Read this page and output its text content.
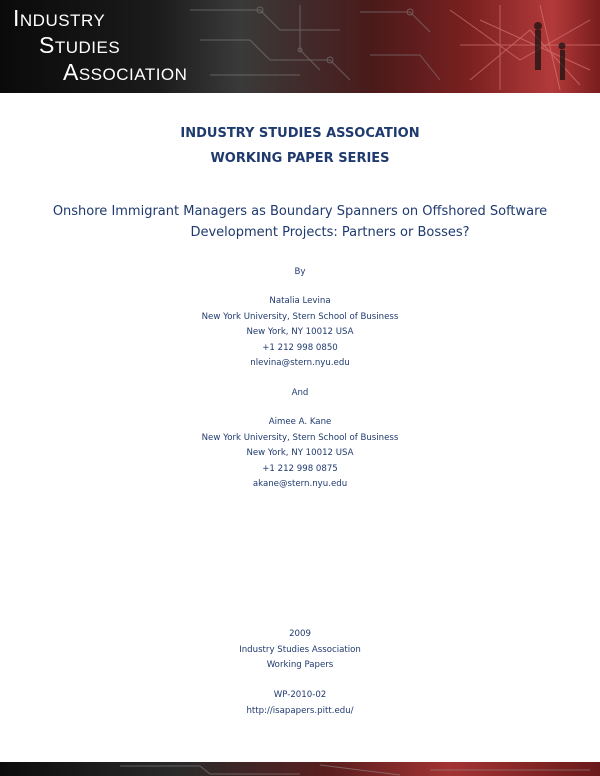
INDUSTRY
STUDIES
ASSOCIATION
INDUSTRY STUDIES ASSOCATION
WORKING PAPER SERIES
Onshore Immigrant Managers as Boundary Spanners on Offshored Software
Development Projects: Partners or Bosses?
By
Natalia Levina
New York University, Stern School of Business
New York, NY 10012 USA
+1 212 998 0850
nlevina@stern.nyu.edu
And
Aimee A. Kane
New York University, Stern School of Business
New York, NY 10012 USA
+1 212 998 0875
akane@stern.nyu.edu
2009
Industry Studies Association
Working Papers
WP-2010-02
http://isapapers.pitt.edu/
